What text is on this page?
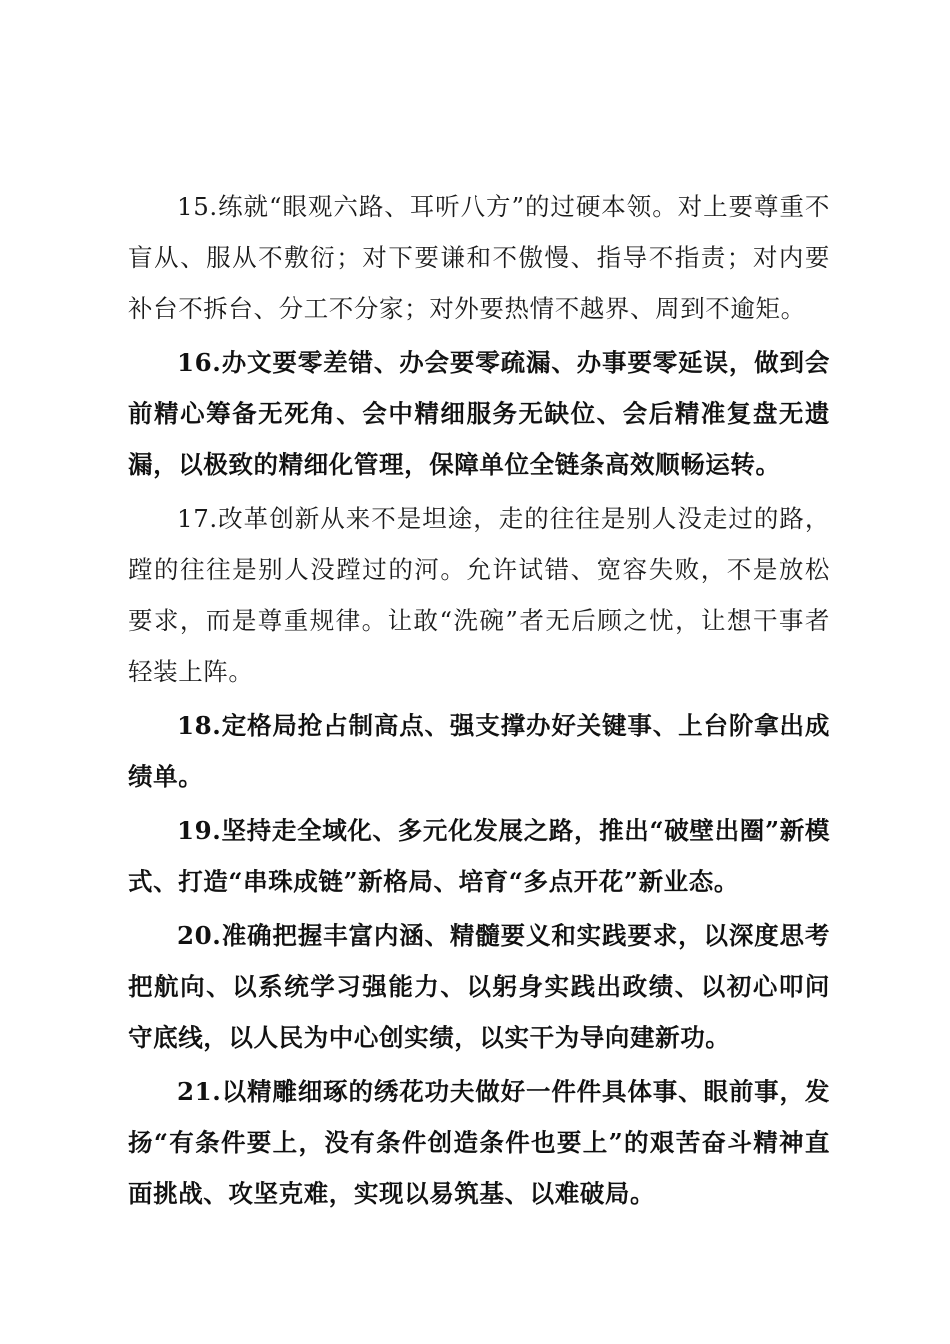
15.练就“眼观六路、耳听八方”的过硬本领。对上要尊重不盲从、服从不敷衍；对下要谦和不傲慢、指导不指责；对内要补台不拆台、分工不分家；对外要热情不越界、周到不逾矩。

16.办文要零差错、办会要零疏漏、办事要零延误，做到会前精心筹备无死角、会中精细服务无缺位、会后精准复盘无遗漏，以极致的精细化管理，保障单位全链条高效顺畅运转。

17.改革创新从来不是坦途，走的往往是别人没走过的路，蹚的往往是别人没蹚过的河。允许试错、宽容失败，不是放松要求，而是尊重规律。让敢“洗碗”者无后顾之忧，让想干事者轻装上阵。

18.定格局抢占制高点、强支撑办好关键事、上台阶拿出成绩单。

19.坚持走全域化、多元化发展之路，推出“破壁出圈”新模式、打造“串珠成链”新格局、培育“多点开花”新业态。

20.准确把握丰富内涵、精髓要义和实践要求，以深度思考把航向、以系统学习强能力、以躬身实践出政绩、以初心叩问守底线，以人民为中心创实绩，以实干为导向建新功。

21.以精雕细琢的绣花功夫做好一件件具体事、眼前事，发扬“有条件要上，没有条件创造条件也要上”的艰苦奋斗精神直面挑战、攻坚克难，实现以易筑基、以难破局。
